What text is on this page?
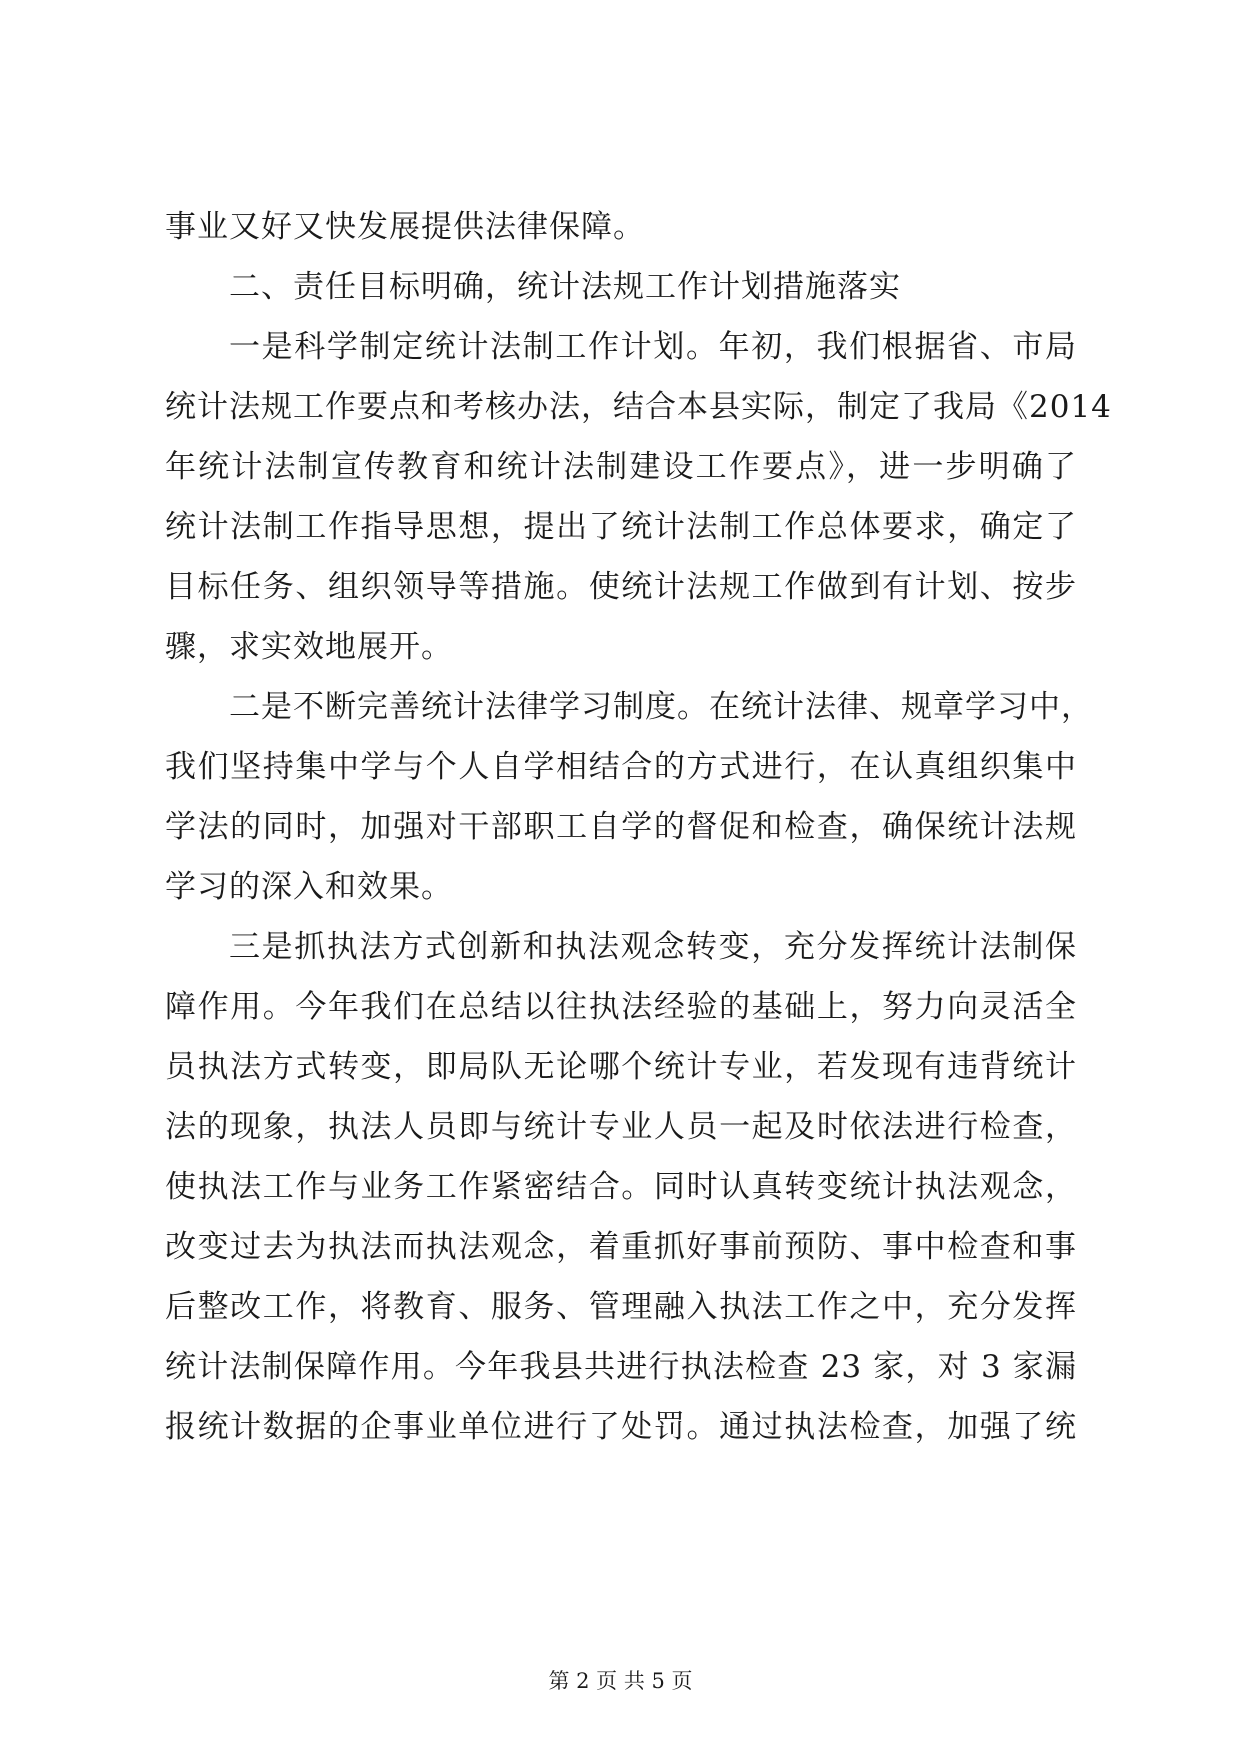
事业又好又快发展提供法律保障。
二、责任目标明确，统计法规工作计划措施落实
一是科学制定统计法制工作计划。年初，我们根据省、市局
统计法规工作要点和考核办法，结合本县实际，制定了我局《2014
年统计法制宣传教育和统计法制建设工作要点》，进一步明确了
统计法制工作指导思想，提出了统计法制工作总体要求，确定了
目标任务、组织领导等措施。使统计法规工作做到有计划、按步
骤，求实效地展开。
二是不断完善统计法律学习制度。在统计法律、规章学习中，
我们坚持集中学与个人自学相结合的方式进行，在认真组织集中
学法的同时，加强对干部职工自学的督促和检查，确保统计法规
学习的深入和效果。
三是抓执法方式创新和执法观念转变，充分发挥统计法制保
障作用。今年我们在总结以往执法经验的基础上，努力向灵活全
员执法方式转变，即局队无论哪个统计专业，若发现有违背统计
法的现象，执法人员即与统计专业人员一起及时依法进行检查，
使执法工作与业务工作紧密结合。同时认真转变统计执法观念，
改变过去为执法而执法观念，着重抓好事前预防、事中检查和事
后整改工作，将教育、服务、管理融入执法工作之中，充分发挥
统计法制保障作用。今年我县共进行执法检查 23 家，对 3 家漏
报统计数据的企事业单位进行了处罚。通过执法检查，加强了统
第 2 页 共 5 页
